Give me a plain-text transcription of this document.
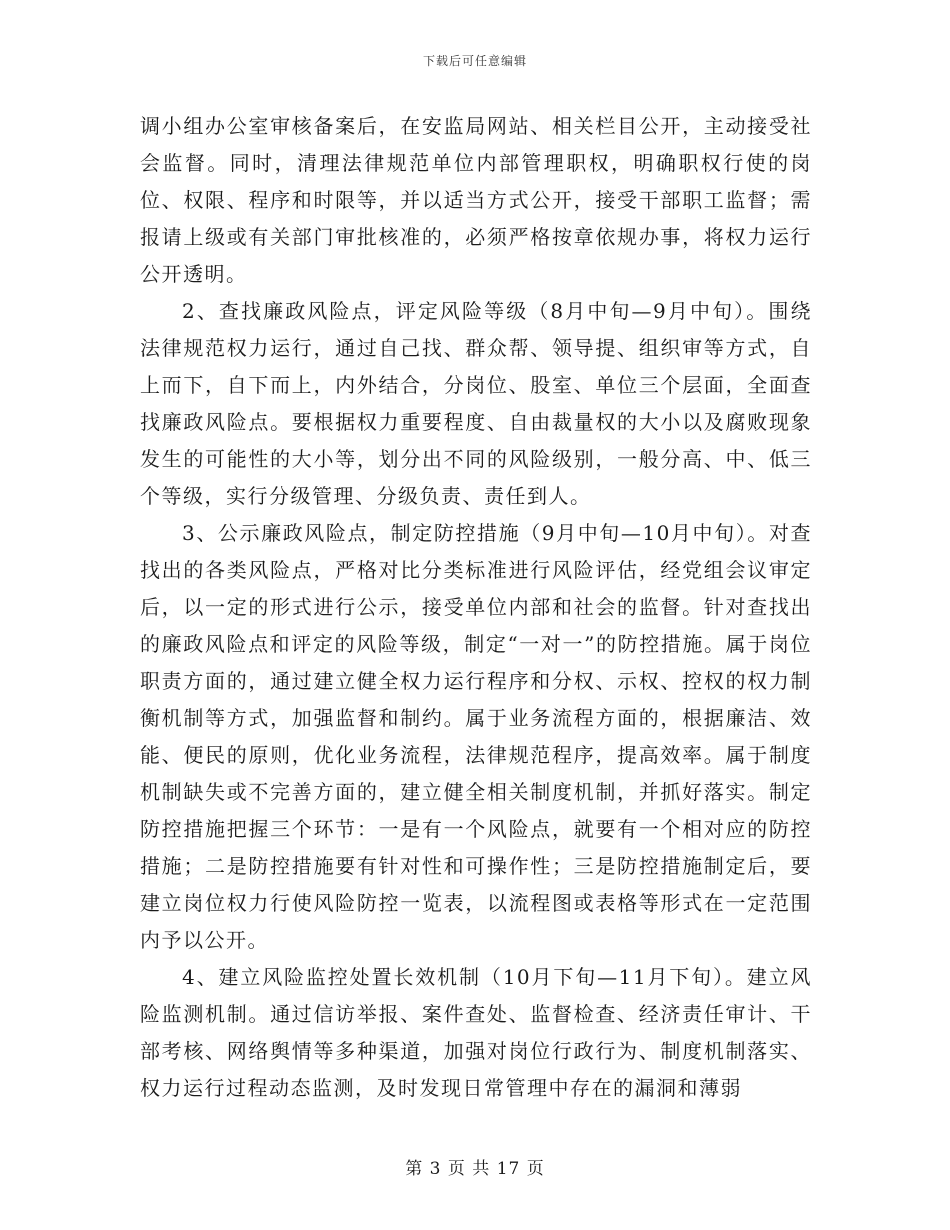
下载后可任意编辑

调小组办公室审核备案后，在安监局网站、相关栏目公开，主动接受社会监督。同时，清理法律规范单位内部管理职权，明确职权行使的岗位、权限、程序和时限等，并以适当方式公开，接受干部职工监督；需报请上级或有关部门审批核准的，必须严格按章依规办事，将权力运行公开透明。

2、查找廉政风险点，评定风险等级（8月中旬—9月中旬）。围绕法律规范权力运行，通过自己找、群众帮、领导提、组织审等方式，自上而下，自下而上，内外结合，分岗位、股室、单位三个层面，全面查找廉政风险点。要根据权力重要程度、自由裁量权的大小以及腐败现象发生的可能性的大小等，划分出不同的风险级别，一般分高、中、低三个等级，实行分级管理、分级负责、责任到人。

3、公示廉政风险点，制定防控措施（9月中旬—10月中旬）。对查找出的各类风险点，严格对比分类标准进行风险评估，经党组会议审定后，以一定的形式进行公示，接受单位内部和社会的监督。针对查找出的廉政风险点和评定的风险等级，制定“一对一”的防控措施。属于岗位职责方面的，通过建立健全权力运行程序和分权、示权、控权的权力制衡机制等方式，加强监督和制约。属于业务流程方面的，根据廉洁、效能、便民的原则，优化业务流程，法律规范程序，提高效率。属于制度机制缺失或不完善方面的，建立健全相关制度机制，并抓好落实。制定防控措施把握三个环节：一是有一个风险点，就要有一个相对应的防控措施；二是防控措施要有针对性和可操作性；三是防控措施制定后，要建立岗位权力行使风险防控一览表，以流程图或表格等形式在一定范围内予以公开。

4、建立风险监控处置长效机制（10月下旬—11月下旬）。建立风险监测机制。通过信访举报、案件查处、监督检查、经济责任审计、干部考核、网络舆情等多种渠道，加强对岗位行政行为、制度机制落实、权力运行过程动态监测，及时发现日常管理中存在的漏洞和薄弱

第 3 页 共 17 页
